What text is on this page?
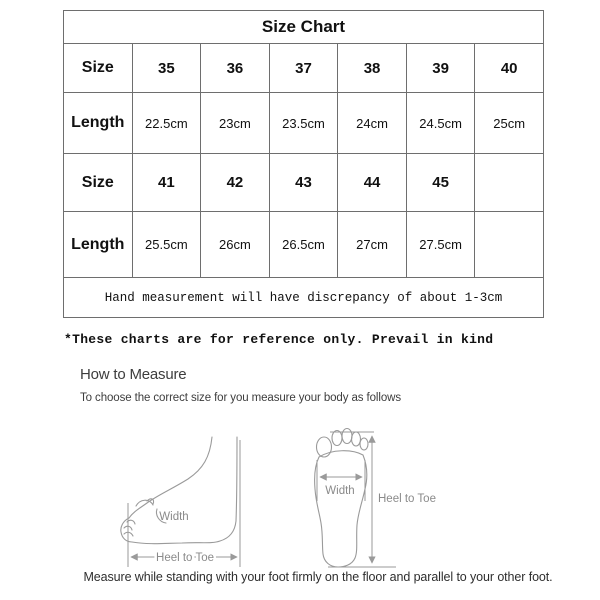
Size Chart						
Size	35	36	37	38	39	40
Length	22.5cm	23cm	23.5cm	24cm	24.5cm	25cm
Size	41	42	43	44	45	
Length	25.5cm	26cm	26.5cm	27cm	27.5cm	
Hand measurement will have discrepancy of about 1-3cm						
*These charts are for reference only. Prevail in kind
How to Measure
To choose the correct size for you measure your body as follows
Width
Heel to Toe
Width
Heel to Toe
Measure while standing with your foot firmly on the floor and parallel to your other foot.
